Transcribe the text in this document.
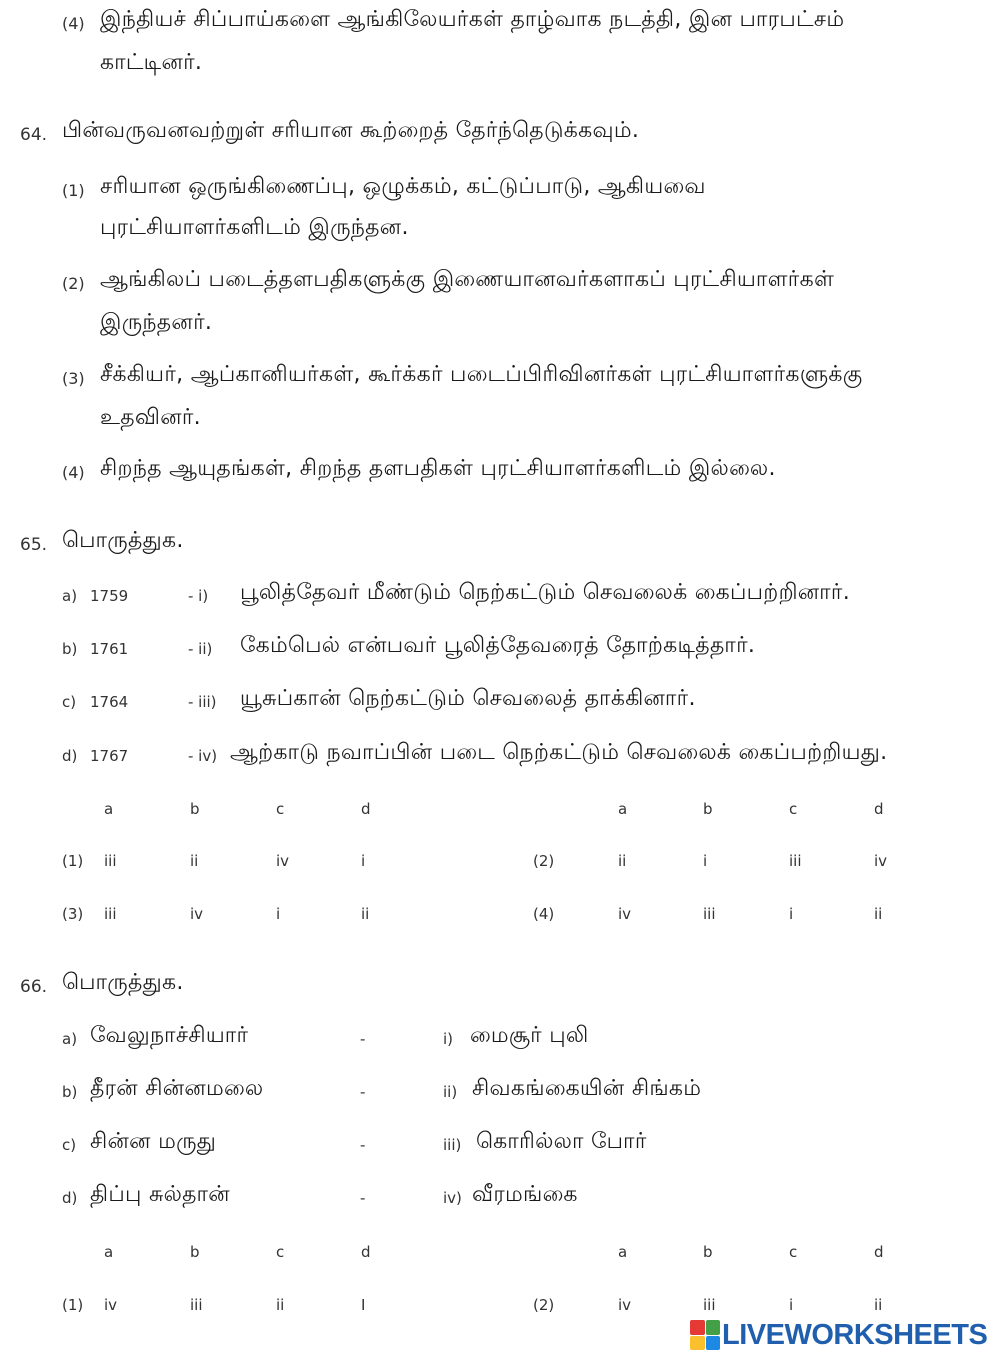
(4) இந்தியச் சிப்பாய்களை ஆங்கிலேயர்கள் தாழ்வாக நடத்தி, இன பாரபட்சம்
காட்டினர்.
64. பின்வருவனவற்றுள் சரியான கூற்றைத் தேர்ந்தெடுக்கவும்.
(1) சரியான ஒருங்கிணைப்பு, ஒழுக்கம், கட்டுப்பாடு, ஆகியவை
புரட்சியாளர்களிடம் இருந்தன.
(2) ஆங்கிலப் படைத்தளபதிகளுக்கு இணையானவர்களாகப் புரட்சியாளர்கள்
இருந்தனர்.
(3) சீக்கியர், ஆப்கானியர்கள், கூர்க்கர் படைப்பிரிவினர்கள் புரட்சியாளர்களுக்கு
உதவினர்.
(4) சிறந்த ஆயுதங்கள், சிறந்த தளபதிகள் புரட்சியாளர்களிடம் இல்லை.
65. பொருத்துக.
a) 1759	- i) பூலித்தேவர் மீண்டும் நெற்கட்டும் செவலைக் கைப்பற்றினார்.
b) 1761	- ii) கேம்பெல் என்பவர் பூலித்தேவரைத் தோற்கடித்தார்.
c) 1764	- iii) யூசுப்கான் நெற்கட்டும் செவலைத் தாக்கினார்.
d) 1767	- iv) ஆற்காடு நவாப்பின் படை நெற்கட்டும் செவலைக் கைப்பற்றியது.
a	b	c	d	a	b	c	d
(1) iii	ii	iv	i	(2)	ii	i	iii	iv
(3) iii	iv	i	ii	(4)	iv	iii	i	ii
66. பொருத்துக.
a) வேலுநாச்சியார்	-	i) மைசூர் புலி
b) தீரன் சின்னமலை	-	ii) சிவகங்கையின் சிங்கம்
c) சின்ன மருது	-	iii) கொரில்லா போர்
d) திப்பு சுல்தான்	-	iv) வீரமங்கை
a	b	c	d	a	b	c	d
(1) iv	iii	ii	I	(2)	iv	iii	i	ii
LIVEWORKSHEETS
